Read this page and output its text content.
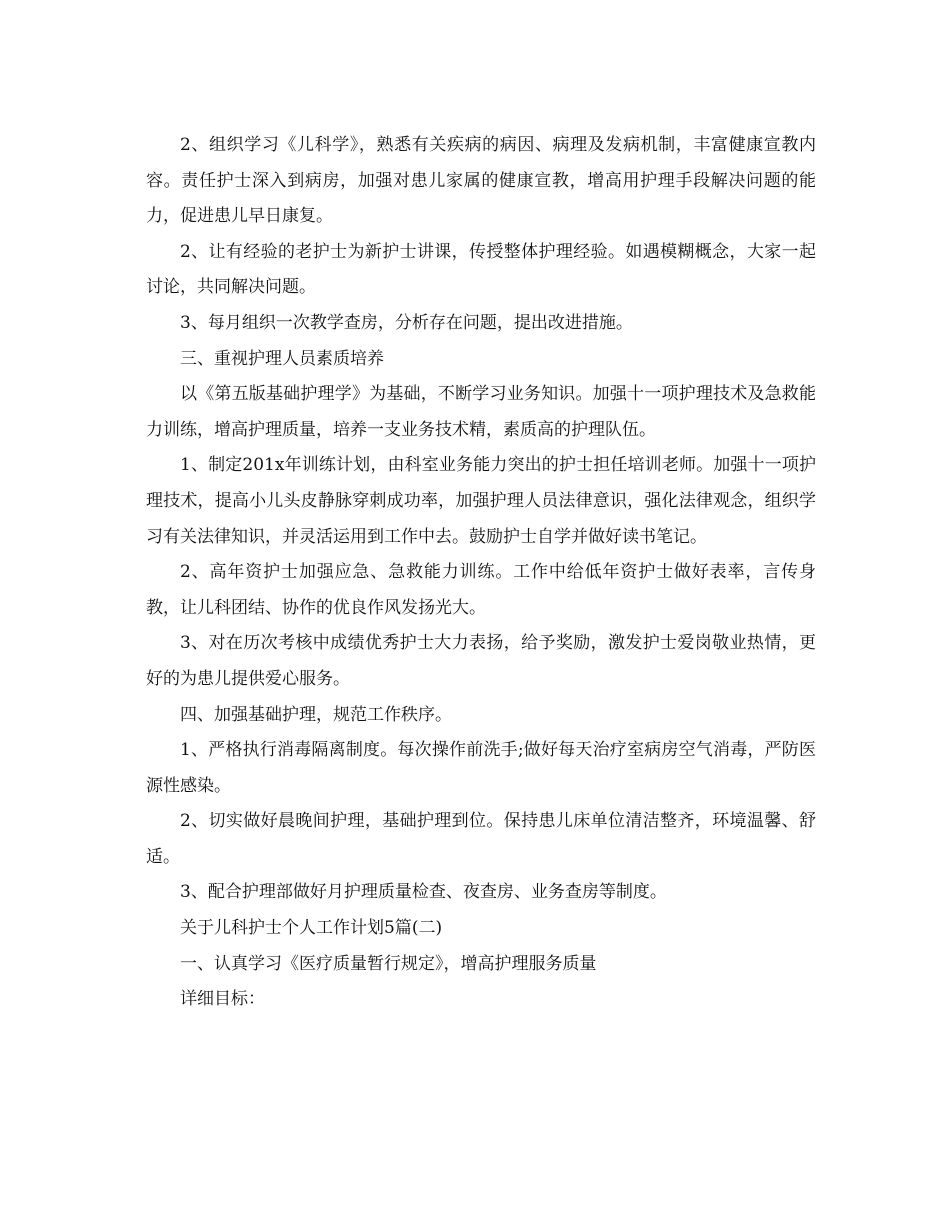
2、组织学习《儿科学》，熟悉有关疾病的病因、病理及发病机制，丰富健康宣教内容。责任护士深入到病房，加强对患儿家属的健康宣教，增高用护理手段解决问题的能力，促进患儿早日康复。

2、让有经验的老护士为新护士讲课，传授整体护理经验。如遇模糊概念，大家一起讨论，共同解决问题。

3、每月组织一次教学查房，分析存在问题，提出改进措施。

三、重视护理人员素质培养

以《第五版基础护理学》为基础，不断学习业务知识。加强十一项护理技术及急救能力训练，增高护理质量，培养一支业务技术精，素质高的护理队伍。

1、制定201x年训练计划，由科室业务能力突出的护士担任培训老师。加强十一项护理技术，提高小儿头皮静脉穿刺成功率，加强护理人员法律意识，强化法律观念，组织学习有关法律知识，并灵活运用到工作中去。鼓励护士自学并做好读书笔记。

2、高年资护士加强应急、急救能力训练。工作中给低年资护士做好表率，言传身教，让儿科团结、协作的优良作风发扬光大。

3、对在历次考核中成绩优秀护士大力表扬，给予奖励，激发护士爱岗敬业热情，更好的为患儿提供爱心服务。

四、加强基础护理，规范工作秩序。

1、严格执行消毒隔离制度。每次操作前洗手;做好每天治疗室病房空气消毒，严防医源性感染。

2、切实做好晨晚间护理，基础护理到位。保持患儿床单位清洁整齐，环境温馨、舒适。

3、配合护理部做好月护理质量检查、夜查房、业务查房等制度。

关于儿科护士个人工作计划5篇(二)

一、认真学习《医疗质量暂行规定》，增高护理服务质量

详细目标：
